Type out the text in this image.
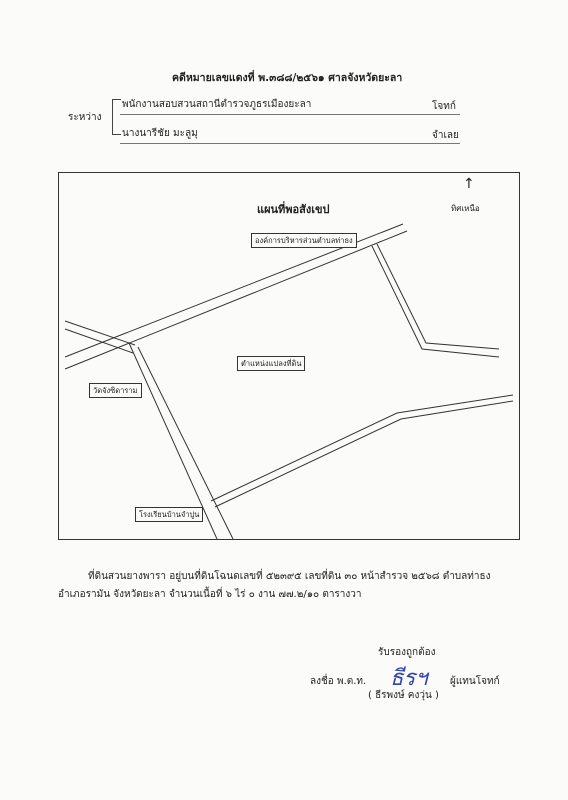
คดีหมายเลขแดงที่ พ.๓๘๘/๒๕๖๑ ศาลจังหวัดยะลา
ระหว่าง
พนักงานสอบสวนสถานีตำรวจภูธรเมืองยะลา	โจทก์
นางนารีชัย มะลูมุ	จำเลย
แผนที่พอสังเขป
↑
ทิศเหนือ
องค์การบริหารส่วนตำบลท่าธง
ตำแหน่งแปลงที่ดิน
วัดจังซิดาราม
โรงเรียนบ้านจำปูน
ที่ดินสวนยางพารา อยู่บนที่ดินโฉนดเลขที่ ๕๒๓๙๕ เลขที่ดิน ๓๐ หน้าสำรวจ ๒๕๖๘ ตำบลท่าธง
อำเภอรามัน จังหวัดยะลา จำนวนเนื้อที่ ๖ ไร่ ๐ งาน ๗๗.๒/๑๐ ตารางวา
รับรองถูกต้อง
ลงชื่อ พ.ต.ท. ธีรฯ ผู้แทนโจทก์
( ธีรพงษ์ คงวุ่น )
